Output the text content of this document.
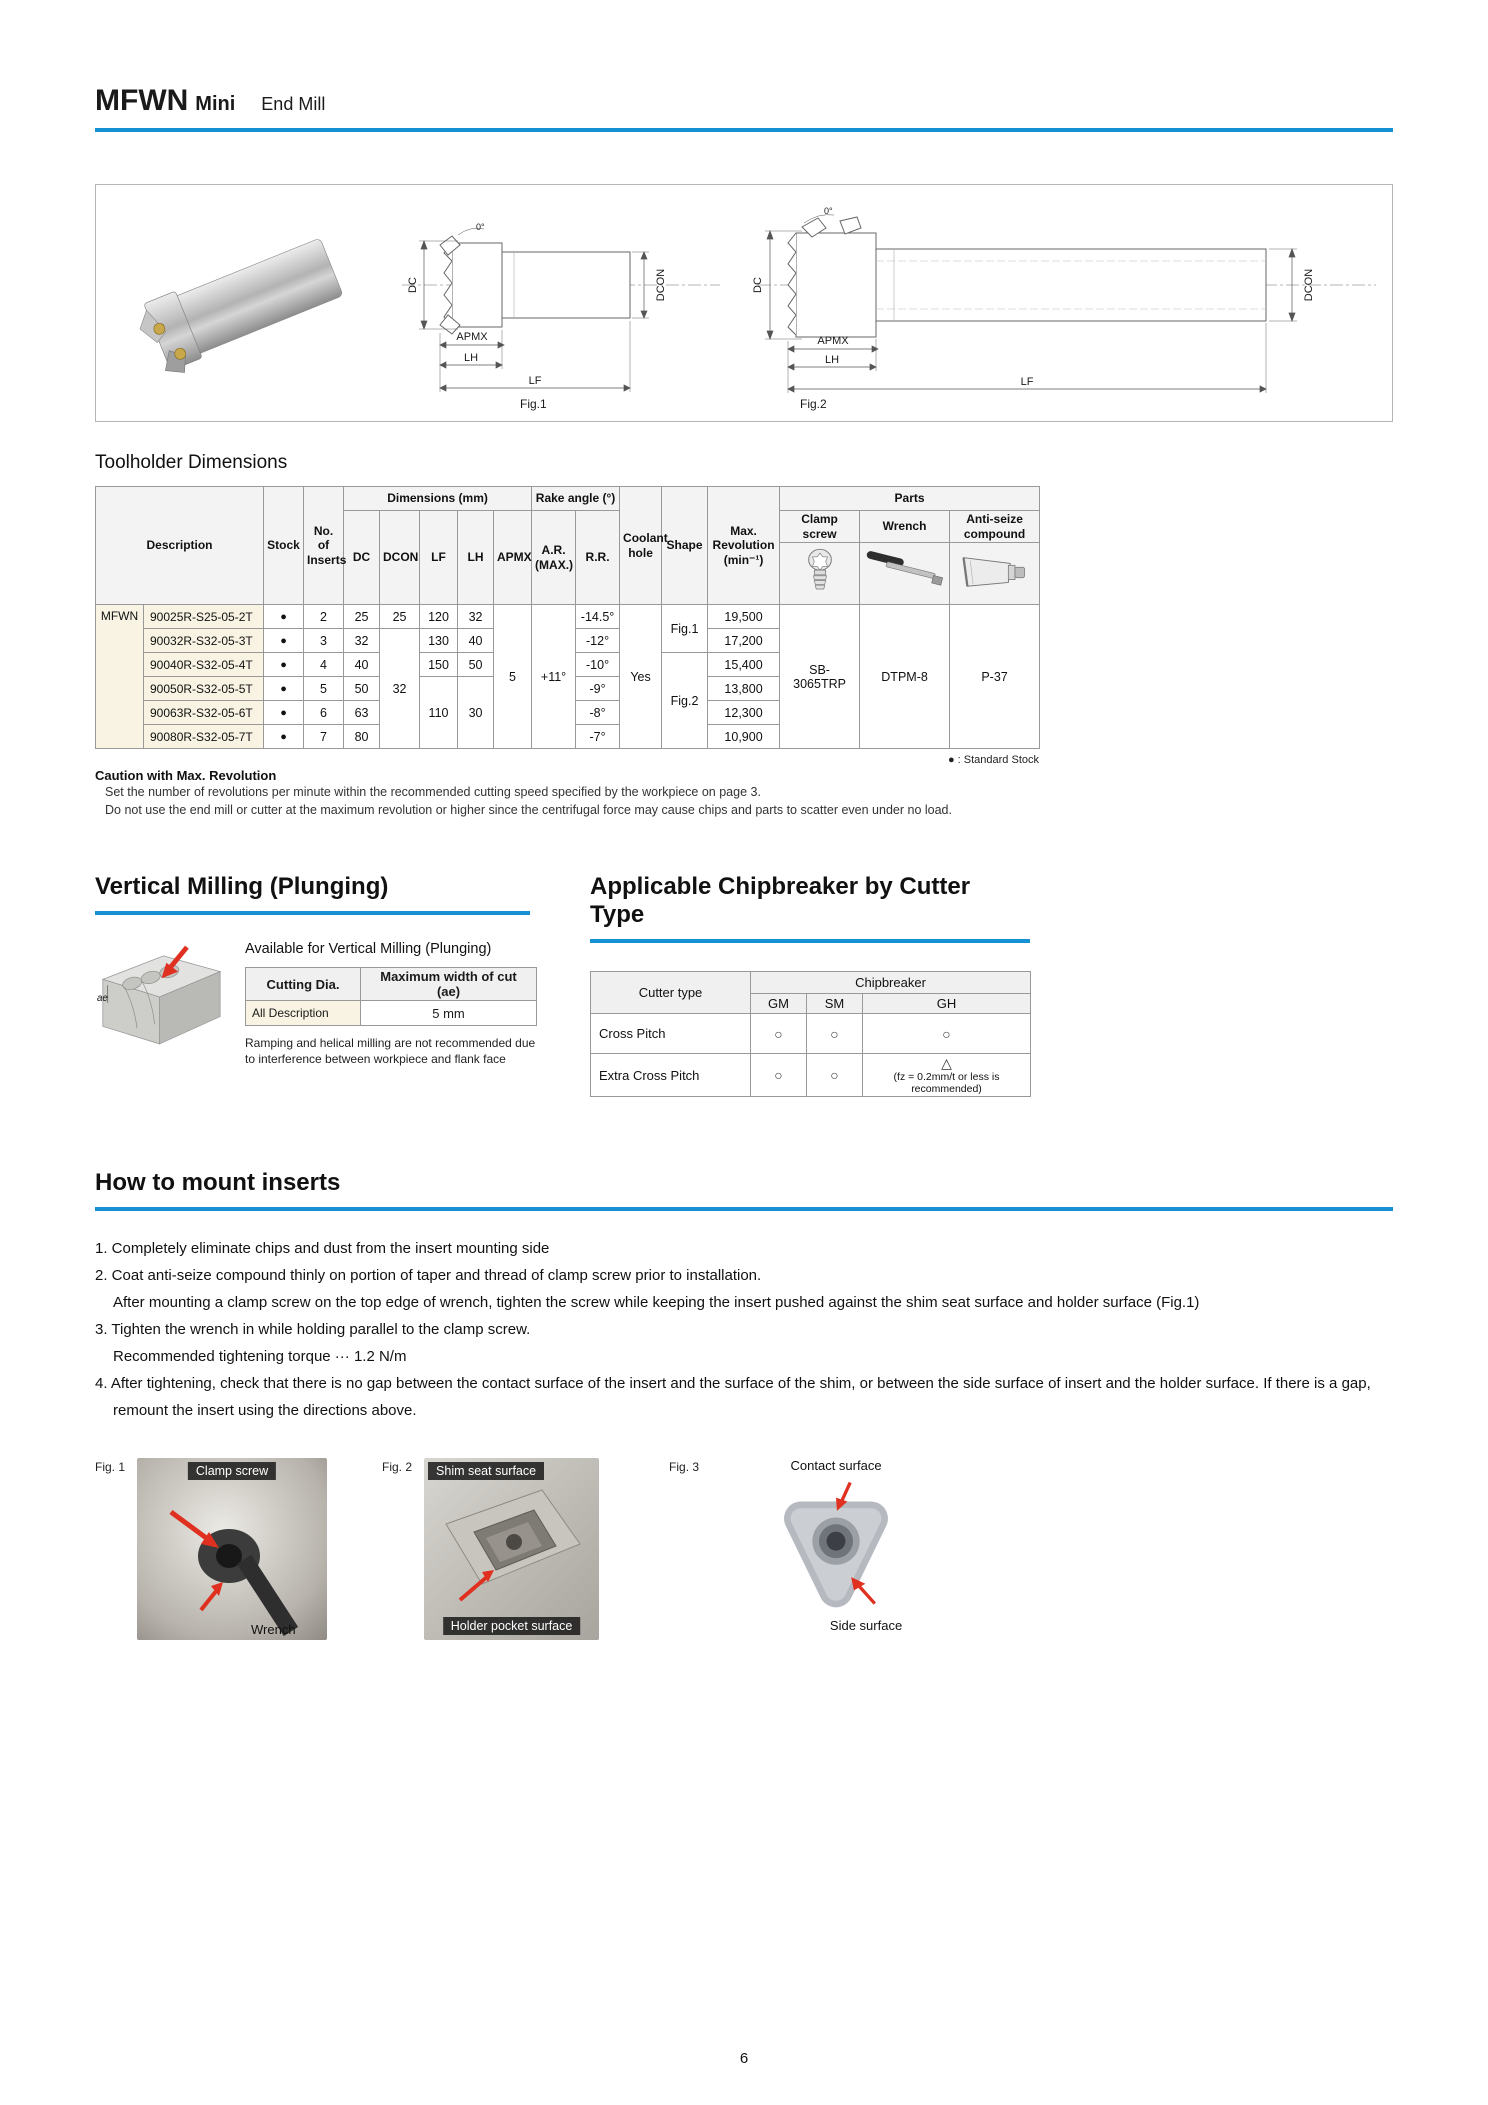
MFWN Mini End Mill
DC
0°
APMX
LH
LF
DCON
Fig.1
DC
0°
APMX
LH
LF
DCON
Fig.2
Toolholder Dimensions
Description		Stock	No. of Inserts	Dimensions (mm)					Rake angle (°)		Coolant hole	Shape	Max. Revolution (min⁻¹)	Parts		
				DC	DCON	LF	LH	APMX	A.R. (MAX.)	R.R.				Clamp screw	Wrench	Anti-seize compound

MFWN	90025R-S25-05-2T	●	2	25	25	120	32	5	+11°	-14.5°	Yes	Fig.1	19,500	SB-3065TRP	DTPM-8	P-37
	90032R-S32-05-3T	●	3	32	32	130	40			-12°			17,200			
	90040R-S32-05-4T	●	4	40		150	50			-10°		Fig.2	15,400			
	90050R-S32-05-5T	●	5	50		110	30			-9°			13,800			
	90063R-S32-05-6T	●	6	63						-8°			12,300			
	90080R-S32-05-7T	●	7	80						-7°			10,900			
● : Standard Stock
Caution with Max. Revolution
Set the number of revolutions per minute within the recommended cutting speed specified by the workpiece on page 3.
Do not use the end mill or cutter at the maximum revolution or higher since the centrifugal force may cause chips and parts to scatter even under no load.
Vertical Milling (Plunging)
ae
Available for Vertical Milling (Plunging)
Cutting Dia.	Maximum width of cut (ae)
All Description	5 mm
Ramping and helical milling are not recommended due to interference between workpiece and flank face
Applicable Chipbreaker by Cutter Type
Cutter type	Chipbreaker		
	GM	SM	GH
Cross Pitch	○	○	○
Extra Cross Pitch	○	○	△
(fz = 0.2mm/t or less is recommended)
How to mount inserts
1. Completely eliminate chips and dust from the insert mounting side
2. Coat anti-seize compound thinly on portion of taper and thread of clamp screw prior to installation.
After mounting a clamp screw on the top edge of wrench, tighten the screw while keeping the insert pushed against the shim seat surface and holder surface (Fig.1)
3. Tighten the wrench in while holding parallel to the clamp screw.
Recommended tightening torque ··· 1.2 N/m
4. After tightening, check that there is no gap between the contact surface of the insert and the surface of the shim, or between the side surface of insert and the holder surface. If there is a gap, remount the insert using the directions above.
Fig. 1	Clamp screw
Wrench
Fig. 2	Shim seat surface
Holder pocket surface
Fig. 3	Contact surface
Side surface
6
